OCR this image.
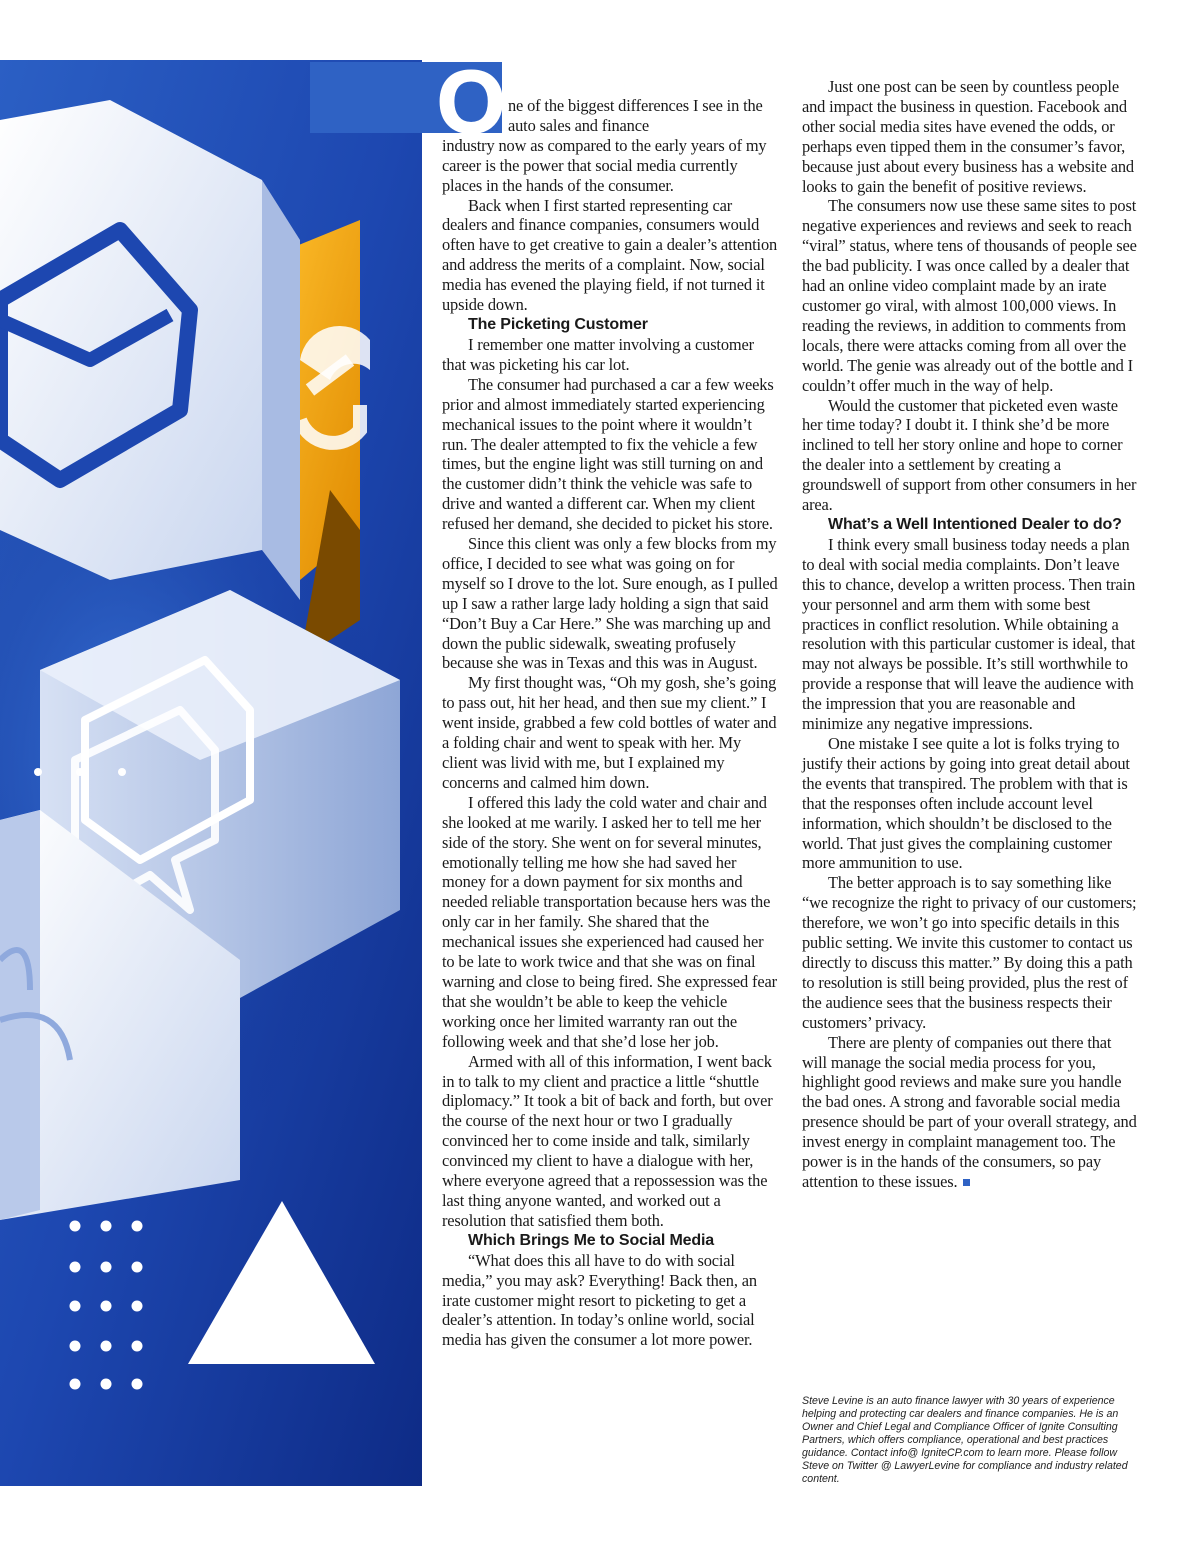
O ne of the biggest differences I see in the auto sales and finance
industry now as compared to the early years of my career is the power that social media currently places in the hands of the consumer.

Back when I first started representing car dealers and finance companies, consumers would often have to get creative to gain a dealer’s attention and address the merits of a complaint. Now, social media has evened the playing field, if not turned it upside down.

The Picketing Customer

I remember one matter involving a customer that was picketing his car lot.

The consumer had purchased a car a few weeks prior and almost immediately started experiencing mechanical issues to the point where it wouldn’t run. The dealer attempted to fix the vehicle a few times, but the engine light was still turning on and the customer didn’t think the vehicle was safe to drive and wanted a different car. When my client refused her demand, she decided to picket his store.

Since this client was only a few blocks from my office, I decided to see what was going on for myself so I drove to the lot. Sure enough, as I pulled up I saw a rather large lady holding a sign that said “Don’t Buy a Car Here.” She was marching up and down the public sidewalk, sweating profusely because she was in Texas and this was in August.

My first thought was, “Oh my gosh, she’s going to pass out, hit her head, and then sue my client.” I went inside, grabbed a few cold bottles of water and a folding chair and went to speak with her. My client was livid with me, but I explained my concerns and calmed him down.

I offered this lady the cold water and chair and she looked at me warily. I asked her to tell me her side of the story. She went on for several minutes, emotionally telling me how she had saved her money for a down payment for six months and needed reliable transportation because hers was the only car in her family. She shared that the mechanical issues she experienced had caused her to be late to work twice and that she was on final warning and close to being fired. She expressed fear that she wouldn’t be able to keep the vehicle working once her limited warranty ran out the following week and that she’d lose her job.

Armed with all of this information, I went back in to talk to my client and practice a little “shuttle diplomacy.” It took a bit of back and forth, but over the course of the next hour or two I gradually convinced her to come inside and talk, similarly convinced my client to have a dialogue with her, where everyone agreed that a repossession was the last thing anyone wanted, and worked out a resolution that satisfied them both.

Which Brings Me to Social Media

“What does this all have to do with social media,” you may ask? Everything! Back then, an irate customer might resort to picketing to get a dealer’s attention. In today’s online world, social media has given the consumer a lot more power.

Just one post can be seen by countless people and impact the business in question. Facebook and other social media sites have evened the odds, or perhaps even tipped them in the consumer’s favor, because just about every business has a website and looks to gain the benefit of positive reviews.

The consumers now use these same sites to post negative experiences and reviews and seek to reach “viral” status, where tens of thousands of people see the bad publicity. I was once called by a dealer that had an online video complaint made by an irate customer go viral, with almost 100,000 views. In reading the reviews, in addition to comments from locals, there were attacks coming from all over the world. The genie was already out of the bottle and I couldn’t offer much in the way of help.

Would the customer that picketed even waste her time today? I doubt it. I think she’d be more inclined to tell her story online and hope to corner the dealer into a settlement by creating a groundswell of support from other consumers in her area.

What’s a Well Intentioned Dealer to do?

I think every small business today needs a plan to deal with social media complaints. Don’t leave this to chance, develop a written process. Then train your personnel and arm them with some best practices in conflict resolution. While obtaining a resolution with this particular customer is ideal, that may not always be possible. It’s still worthwhile to provide a response that will leave the audience with the impression that you are reasonable and minimize any negative impressions.

One mistake I see quite a lot is folks trying to justify their actions by going into great detail about the events that transpired. The problem with that is that the responses often include account level information, which shouldn’t be disclosed to the world. That just gives the complaining customer more ammunition to use.

The better approach is to say something like “we recognize the right to privacy of our customers; therefore, we won’t go into specific details in this public setting. We invite this customer to contact us directly to discuss this matter.” By doing this a path to resolution is still being provided, plus the rest of the audience sees that the business respects their customers’ privacy.

There are plenty of companies out there that will manage the social media process for you, highlight good reviews and make sure you handle the bad ones. A strong and favorable social media presence should be part of your overall strategy, and invest energy in complaint management too. The power is in the hands of the consumers, so pay attention to these issues.

Steve Levine is an auto finance lawyer with 30 years of experience helping and protecting car dealers and finance companies. He is an Owner and Chief Legal and Compliance Officer of Ignite Consulting Partners, which offers compliance, operational and best practices guidance. Contact info@ IgniteCP.com to learn more. Please follow Steve on Twitter @ LawyerLevine for compliance and industry related content.
